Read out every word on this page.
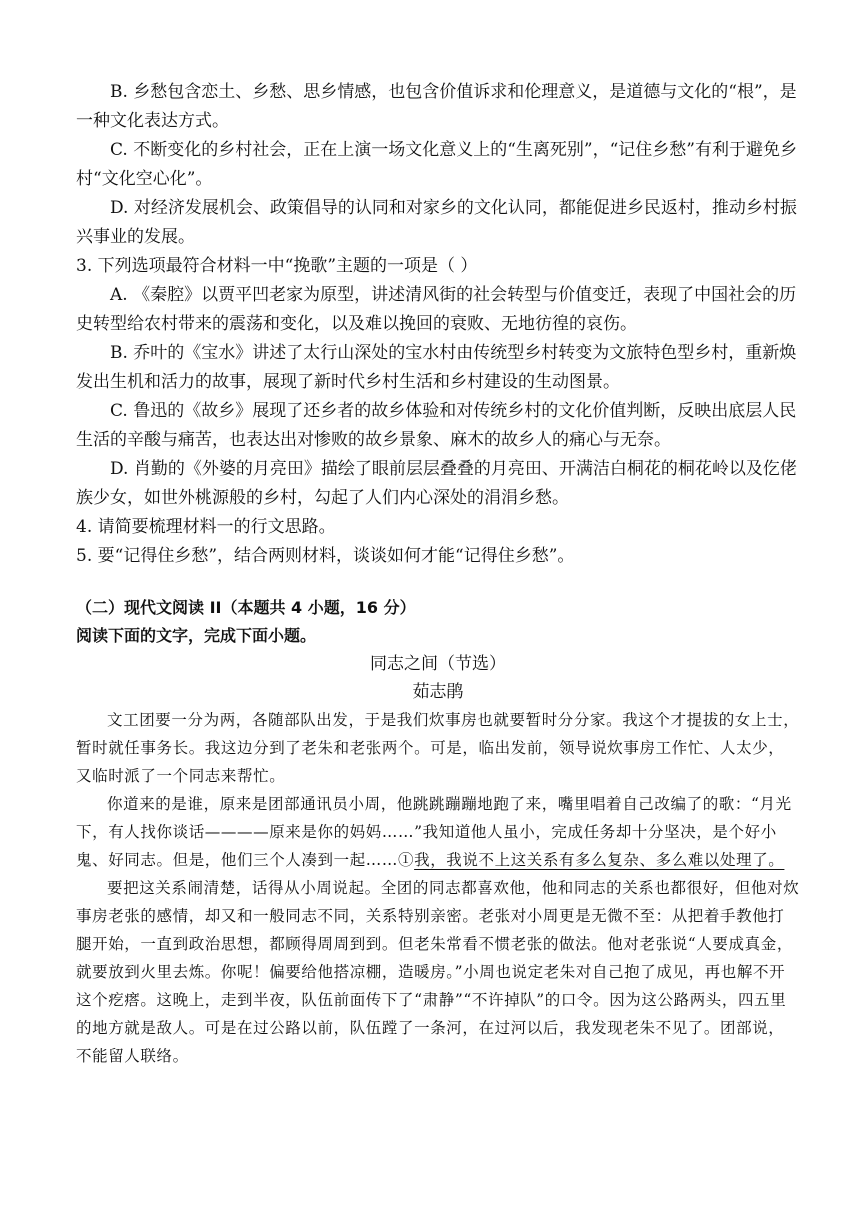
B. 乡愁包含恋土、乡愁、思乡情感，也包含价值诉求和伦理意义，是道德与文化的“根”，是一种文化表达方式。

C. 不断变化的乡村社会，正在上演一场文化意义上的“生离死别”，“记住乡愁”有利于避免乡村“文化空心化”。

D. 对经济发展机会、政策倡导的认同和对家乡的文化认同，都能促进乡民返村，推动乡村振兴事业的发展。

3. 下列选项最符合材料一中“挽歌”主题的一项是（ ）

A. 《秦腔》以贾平凹老家为原型，讲述清风街的社会转型与价值变迁，表现了中国社会的历史转型给农村带来的震荡和变化，以及难以挽回的衰败、无地彷徨的哀伤。

B. 乔叶的《宝水》讲述了太行山深处的宝水村由传统型乡村转变为文旅特色型乡村，重新焕发出生机和活力的故事，展现了新时代乡村生活和乡村建设的生动图景。

C. 鲁迅的《故乡》展现了还乡者的故乡体验和对传统乡村的文化价值判断，反映出底层人民生活的辛酸与痛苦，也表达出对惨败的故乡景象、麻木的故乡人的痛心与无奈。

D. 肖勤的《外婆的月亮田》描绘了眼前层层叠叠的月亮田、开满洁白桐花的桐花岭以及仡佬族少女，如世外桃源般的乡村，勾起了人们内心深处的涓涓乡愁。

4. 请简要梳理材料一的行文思路。

5. 要“记得住乡愁”，结合两则材料，谈谈如何才能“记得住乡愁”。

（二）现代文阅读 II（本题共 4 小题，16 分）

阅读下面的文字，完成下面小题。

同志之间（节选）

茹志鹃

文工团要一分为两，各随部队出发，于是我们炊事房也就要暂时分分家。我这个才提拔的女上士，暂时就任事务长。我这边分到了老朱和老张两个。可是，临出发前，领导说炊事房工作忙、人太少，又临时派了一个同志来帮忙。

你道来的是谁，原来是团部通讯员小周，他跳跳蹦蹦地跑了来，嘴里唱着自己改编了的歌：“月光下，有人找你谈话————原来是你的妈妈……”我知道他人虽小，完成任务却十分坚决，是个好小鬼、好同志。但是，他们三个人凑到一起……①我，我说不上这关系有多么复杂、多么难以处理了。

要把这关系闹清楚，话得从小周说起。全团的同志都喜欢他，他和同志的关系也都很好，但他对炊事房老张的感情，却又和一般同志不同，关系特别亲密。老张对小周更是无微不至：从把着手教他打腿开始，一直到政治思想，都顾得周周到到。但老朱常看不惯老张的做法。他对老张说“人要成真金，就要放到火里去炼。你呢！偏要给他搭凉棚，造暖房。”小周也说定老朱对自己抱了成见，再也解不开这个疙瘩。这晚上，走到半夜，队伍前面传下了“肃静”“不许掉队”的口令。因为这公路两头，四五里的地方就是敌人。可是在过公路以前，队伍蹚了一条河，在过河以后，我发现老朱不见了。团部说，不能留人联络。
